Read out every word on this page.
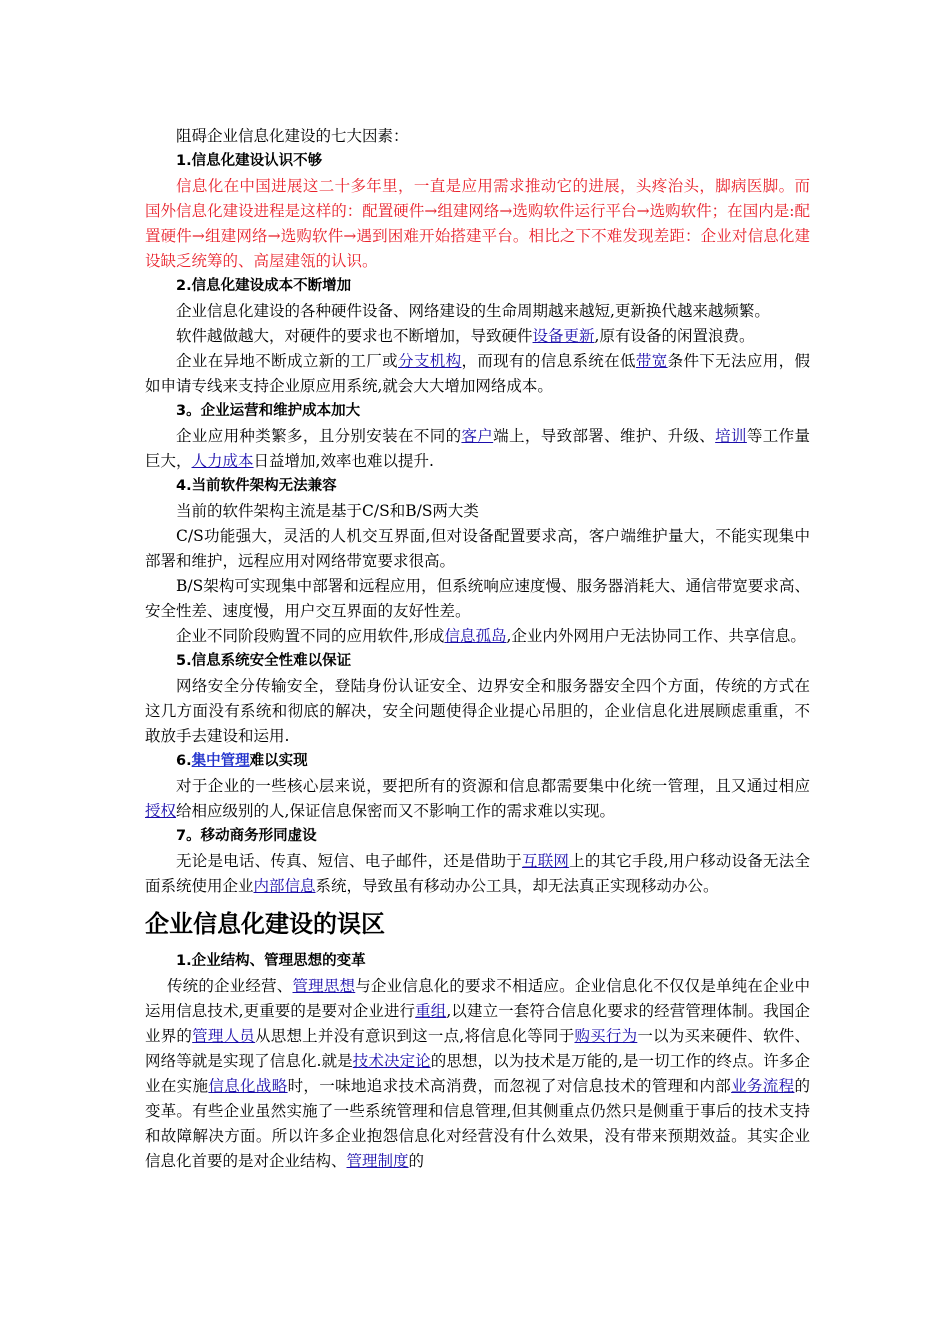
阻碍企业信息化建设的七大因素：

1.信息化建设认识不够

信息化在中国进展这二十多年里，一直是应用需求推动它的进展，头疼治头，脚病医脚。而国外信息化建设进程是这样的：配置硬件→组建网络→选购软件运行平台→选购软件；在国内是:配置硬件→组建网络→选购软件→遇到困难开始搭建平台。相比之下不难发现差距：企业对信息化建设缺乏统筹的、高屋建瓴的认识。

2.信息化建设成本不断增加

企业信息化建设的各种硬件设备、网络建设的生命周期越来越短,更新换代越来越频繁。

软件越做越大，对硬件的要求也不断增加，导致硬件设备更新,原有设备的闲置浪费。

企业在异地不断成立新的工厂或分支机构，而现有的信息系统在低带宽条件下无法应用，假如申请专线来支持企业原应用系统,就会大大增加网络成本。

3。企业运营和维护成本加大

企业应用种类繁多，且分别安装在不同的客户端上，导致部署、维护、升级、培训等工作量巨大，人力成本日益增加,效率也难以提升.

4.当前软件架构无法兼容

当前的软件架构主流是基于C/S和B/S两大类

C/S功能强大，灵活的人机交互界面,但对设备配置要求高，客户端维护量大，不能实现集中部署和维护，远程应用对网络带宽要求很高。

B/S架构可实现集中部署和远程应用，但系统响应速度慢、服务器消耗大、通信带宽要求高、安全性差、速度慢，用户交互界面的友好性差。

企业不同阶段购置不同的应用软件,形成信息孤岛,企业内外网用户无法协同工作、共享信息。

5.信息系统安全性难以保证

网络安全分传输安全，登陆身份认证安全、边界安全和服务器安全四个方面，传统的方式在这几方面没有系统和彻底的解决，安全问题使得企业提心吊胆的，企业信息化进展顾虑重重，不敢放手去建设和运用.

6.集中管理难以实现

对于企业的一些核心层来说，要把所有的资源和信息都需要集中化统一管理，且又通过相应授权给相应级别的人,保证信息保密而又不影响工作的需求难以实现。

7。移动商务形同虚设

无论是电话、传真、短信、电子邮件，还是借助于互联网上的其它手段,用户移动设备无法全面系统使用企业内部信息系统，导致虽有移动办公工具，却无法真正实现移动办公。

企业信息化建设的误区

1.企业结构、管理思想的变革

传统的企业经营、管理思想与企业信息化的要求不相适应。企业信息化不仅仅是单纯在企业中运用信息技术,更重要的是要对企业进行重组,以建立一套符合信息化要求的经营管理体制。我国企业界的管理人员从思想上并没有意识到这一点,将信息化等同于购买行为一以为买来硬件、软件、网络等就是实现了信息化.就是技术决定论的思想，以为技术是万能的,是一切工作的终点。许多企业在实施信息化战略时，一味地追求技术高消费，而忽视了对信息技术的管理和内部业务流程的变革。有些企业虽然实施了一些系统管理和信息管理,但其侧重点仍然只是侧重于事后的技术支持和故障解决方面。所以许多企业抱怨信息化对经营没有什么效果，没有带来预期效益。其实企业信息化首要的是对企业结构、管理制度的
